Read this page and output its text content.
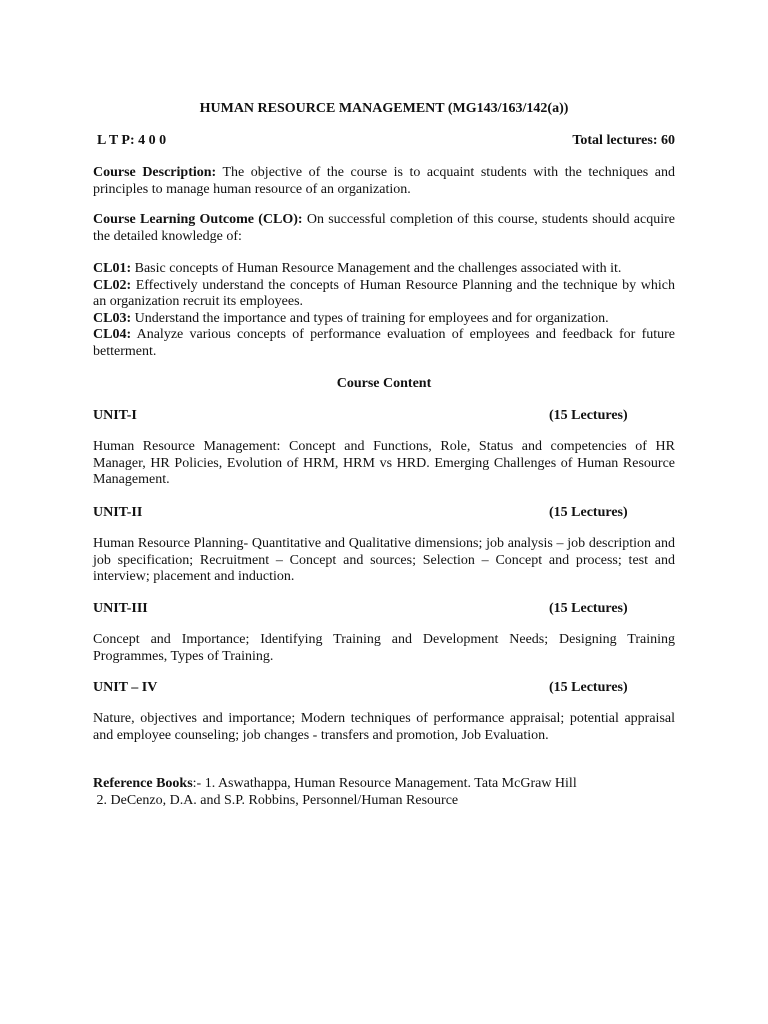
HUMAN RESOURCE MANAGEMENT (MG143/163/142(a))
L T P: 4 0 0	Total lectures: 60
Course Description: The objective of the course is to acquaint students with the techniques and principles to manage human resource of an organization.
Course Learning Outcome (CLO): On successful completion of this course, students should acquire the detailed knowledge of:
CL01: Basic concepts of Human Resource Management and the challenges associated with it.
CL02: Effectively understand the concepts of Human Resource Planning and the technique by which an organization recruit its employees.
CL03: Understand the importance and types of training for employees and for organization.
CL04: Analyze various concepts of performance evaluation of employees and feedback for future betterment.
Course Content
UNIT-I	(15 Lectures)
Human Resource Management: Concept and Functions, Role, Status and competencies of HR Manager, HR Policies, Evolution of HRM, HRM vs HRD. Emerging Challenges of Human Resource Management.
UNIT-II	(15 Lectures)
Human Resource Planning- Quantitative and Qualitative dimensions; job analysis – job description and job specification; Recruitment – Concept and sources; Selection – Concept and process; test and interview; placement and induction.
UNIT-III	(15 Lectures)
Concept and Importance; Identifying Training and Development Needs; Designing Training Programmes, Types of Training.
UNIT – IV	(15 Lectures)
Nature, objectives and importance; Modern techniques of performance appraisal; potential appraisal and employee counseling; job changes - transfers and promotion, Job Evaluation.
Reference Books:- 1. Aswathappa, Human Resource Management. Tata McGraw Hill
2. DeCenzo, D.A. and S.P. Robbins, Personnel/Human Resource
